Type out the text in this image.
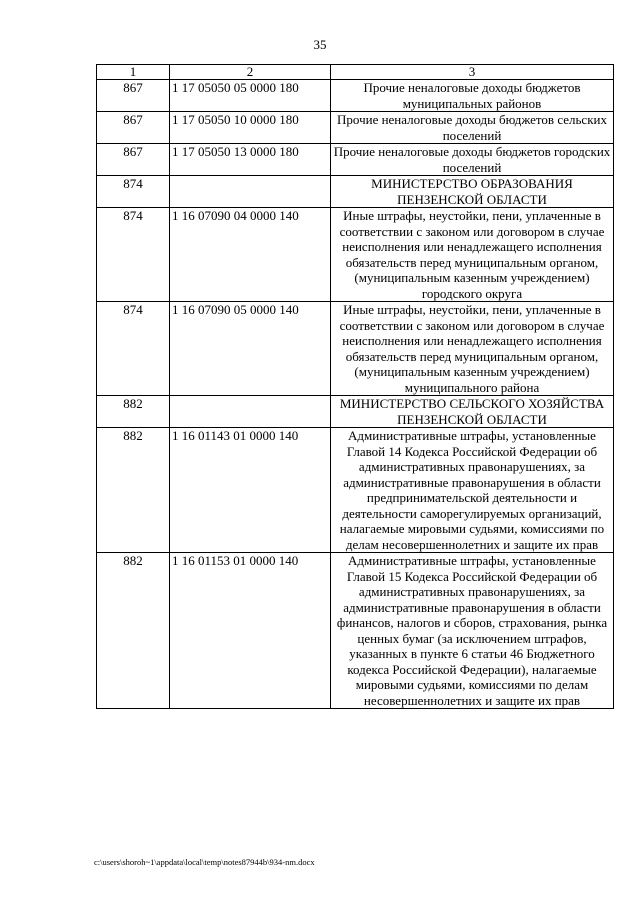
35
1	2	3
867	1 17 05050 05 0000 180	Прочие неналоговые доходы бюджетов муниципальных районов
867	1 17 05050 10 0000 180	Прочие неналоговые доходы бюджетов сельских поселений
867	1 17 05050 13 0000 180	Прочие неналоговые доходы бюджетов городских поселений
874		МИНИСТЕРСТВО ОБРАЗОВАНИЯ ПЕНЗЕНСКОЙ ОБЛАСТИ
874	1 16 07090 04 0000 140	Иные штрафы, неустойки, пени, уплаченные в соответствии с законом или договором в случае неисполнения или ненадлежащего исполнения обязательств перед муниципальным органом, (муниципальным казенным учреждением) городского округа
874	1 16 07090 05 0000 140	Иные штрафы, неустойки, пени, уплаченные в соответствии с законом или договором в случае неисполнения или ненадлежащего исполнения обязательств перед муниципальным органом, (муниципальным казенным учреждением) муниципального района
882		МИНИСТЕРСТВО СЕЛЬСКОГО ХОЗЯЙСТВА ПЕНЗЕНСКОЙ ОБЛАСТИ
882	1 16 01143 01 0000 140	Административные штрафы, установленные Главой 14 Кодекса Российской Федерации об административных правонарушениях, за административные правонарушения в области предпринимательской деятельности и деятельности саморегулируемых организаций, налагаемые мировыми судьями, комиссиями по делам несовершеннолетних и защите их прав
882	1 16 01153 01 0000 140	Административные штрафы, установленные Главой 15 Кодекса Российской Федерации об административных правонарушениях, за административные правонарушения в области финансов, налогов и сборов, страхования, рынка ценных бумаг (за исключением штрафов, указанных в пункте 6 статьи 46 Бюджетного кодекса Российской Федерации), налагаемые мировыми судьями, комиссиями по делам несовершеннолетних и защите их прав
c:\users\shoroh~1\appdata\local\temp\notes87944b\934-nm.docx
